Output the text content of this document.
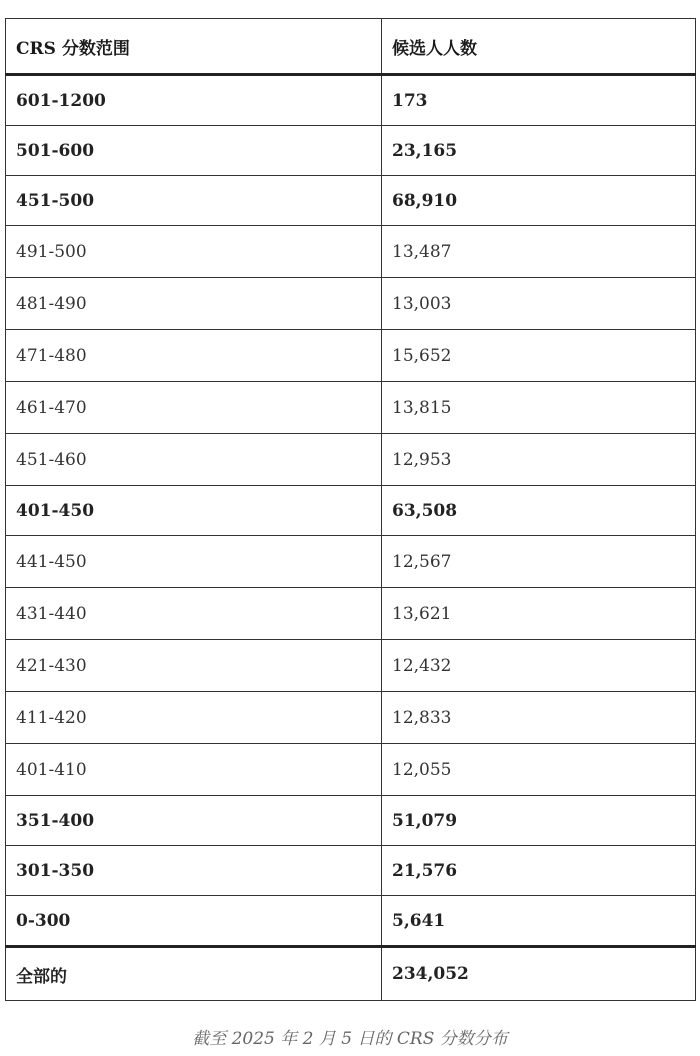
CRS 分数范围	候选人人数
601-1200	173
501-600	23,165
451-500	68,910
491-500	13,487
481-490	13,003
471-480	15,652
461-470	13,815
451-460	12,953
401-450	63,508
441-450	12,567
431-440	13,621
421-430	12,432
411-420	12,833
401-410	12,055
351-400	51,079
301-350	21,576
0-300	5,641
全部的	234,052
截至 2025 年 2 月 5 日的 CRS 分数分布
